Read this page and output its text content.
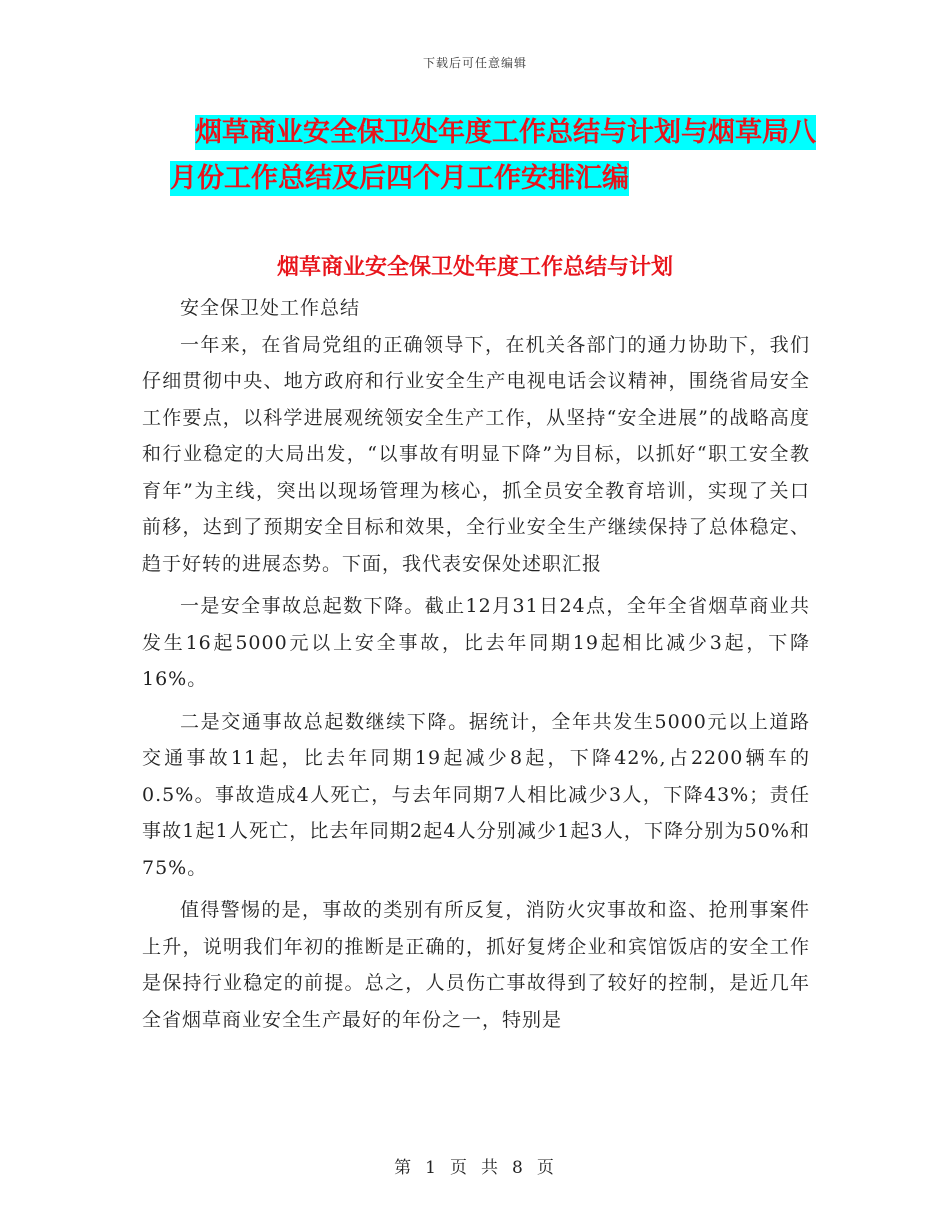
下载后可任意编辑
烟草商业安全保卫处年度工作总结与计划与烟草局八
月份工作总结及后四个月工作安排汇编
烟草商业安全保卫处年度工作总结与计划

安全保卫处工作总结

一年来，在省局党组的正确领导下，在机关各部门的通力协助下，我们仔细贯彻中央、地方政府和行业安全生产电视电话会议精神，围绕省局安全工作要点，以科学进展观统领安全生产工作，从坚持“安全进展”的战略高度和行业稳定的大局出发，“以事故有明显下降”为目标，以抓好“职工安全教育年”为主线，突出以现场管理为核心，抓全员安全教育培训，实现了关口前移，达到了预期安全目标和效果，全行业安全生产继续保持了总体稳定、趋于好转的进展态势。下面，我代表安保处述职汇报

一是安全事故总起数下降。截止12月31日24点，全年全省烟草商业共发生16起5000元以上安全事故，比去年同期19起相比减少3起，下降16%。

二是交通事故总起数继续下降。据统计，全年共发生5000元以上道路交通事故11起，比去年同期19起减少8起，下降42%,占2200辆车的0.5%。事故造成4人死亡，与去年同期7人相比减少3人，下降43%；责任事故1起1人死亡，比去年同期2起4人分别减少1起3人，下降分别为50%和75%。

值得警惕的是，事故的类别有所反复，消防火灾事故和盗、抢刑事案件上升，说明我们年初的推断是正确的，抓好复烤企业和宾馆饭店的安全工作是保持行业稳定的前提。总之，人员伤亡事故得到了较好的控制，是近几年全省烟草商业安全生产最好的年份之一，特别是

第 1 页 共 8 页
